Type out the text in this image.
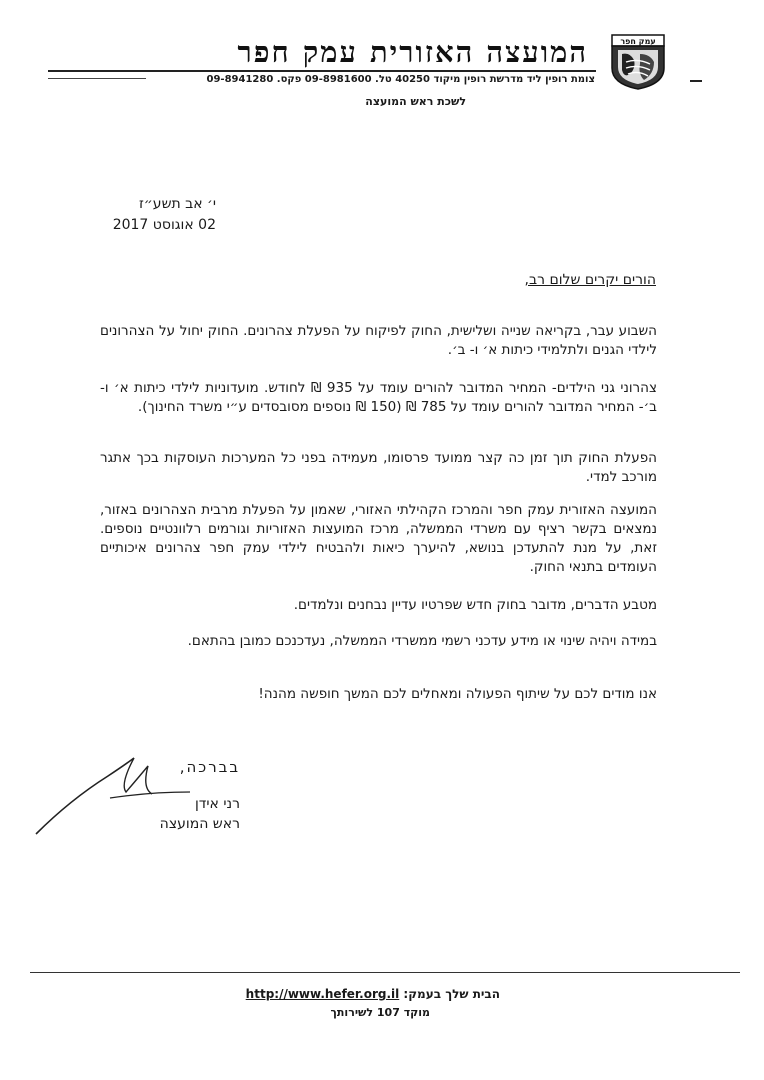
עמק חפר
המועצה האזורית עמק חפר
צומת רופין ליד מדרשת רופין מיקוד 40250 טל. 09-8981600 פקס. 09-8941280
לשכת ראש המועצה
י׳ אב תשע״ז
02 אוגוסט 2017
הורים יקרים שלום רב,

השבוע עבר, בקריאה שנייה ושלישית, החוק לפיקוח על הפעלת צהרונים. החוק יחול על הצהרונים לילדי הגנים ולתלמידי כיתות א׳ ו- ב׳.

צהרוני גני הילדים- המחיר המדובר להורים עומד על 935 ₪ לחודש. מועדוניות לילדי כיתות א׳ ו- ב׳- המחיר המדובר להורים עומד על 785 ₪ (150 ₪ נוספים מסובסדים ע״י משרד החינוך).

הפעלת החוק תוך זמן כה קצר ממועד פרסומו, מעמידה בפני כל המערכות העוסקות בכך אתגר מורכב למדי.

המועצה האזורית עמק חפר והמרכז הקהילתי האזורי, שאמון על הפעלת מרבית הצהרונים באזור, נמצאים בקשר רציף עם משרדי הממשלה, מרכז המועצות האזוריות וגורמים רלוונטיים נוספים. זאת, על מנת להתעדכן בנושא, להיערך כיאות ולהבטיח לילדי עמק חפר צהרונים איכותיים העומדים בתנאי החוק.

מטבע הדברים, מדובר בחוק חדש שפרטיו עדיין נבחנים ונלמדים.

במידה ויהיה שינוי או מידע עדכני רשמי ממשרדי הממשלה, נעדכנכם כמובן בהתאם.

אנו מודים לכם על שיתוף הפעולה ומאחלים לכם המשך חופשה מהנה!

בברכה,
רני אידן
ראש המועצה
הבית שלך בעמק: http://www.hefer.org.il
מוקד 107 לשירותך
